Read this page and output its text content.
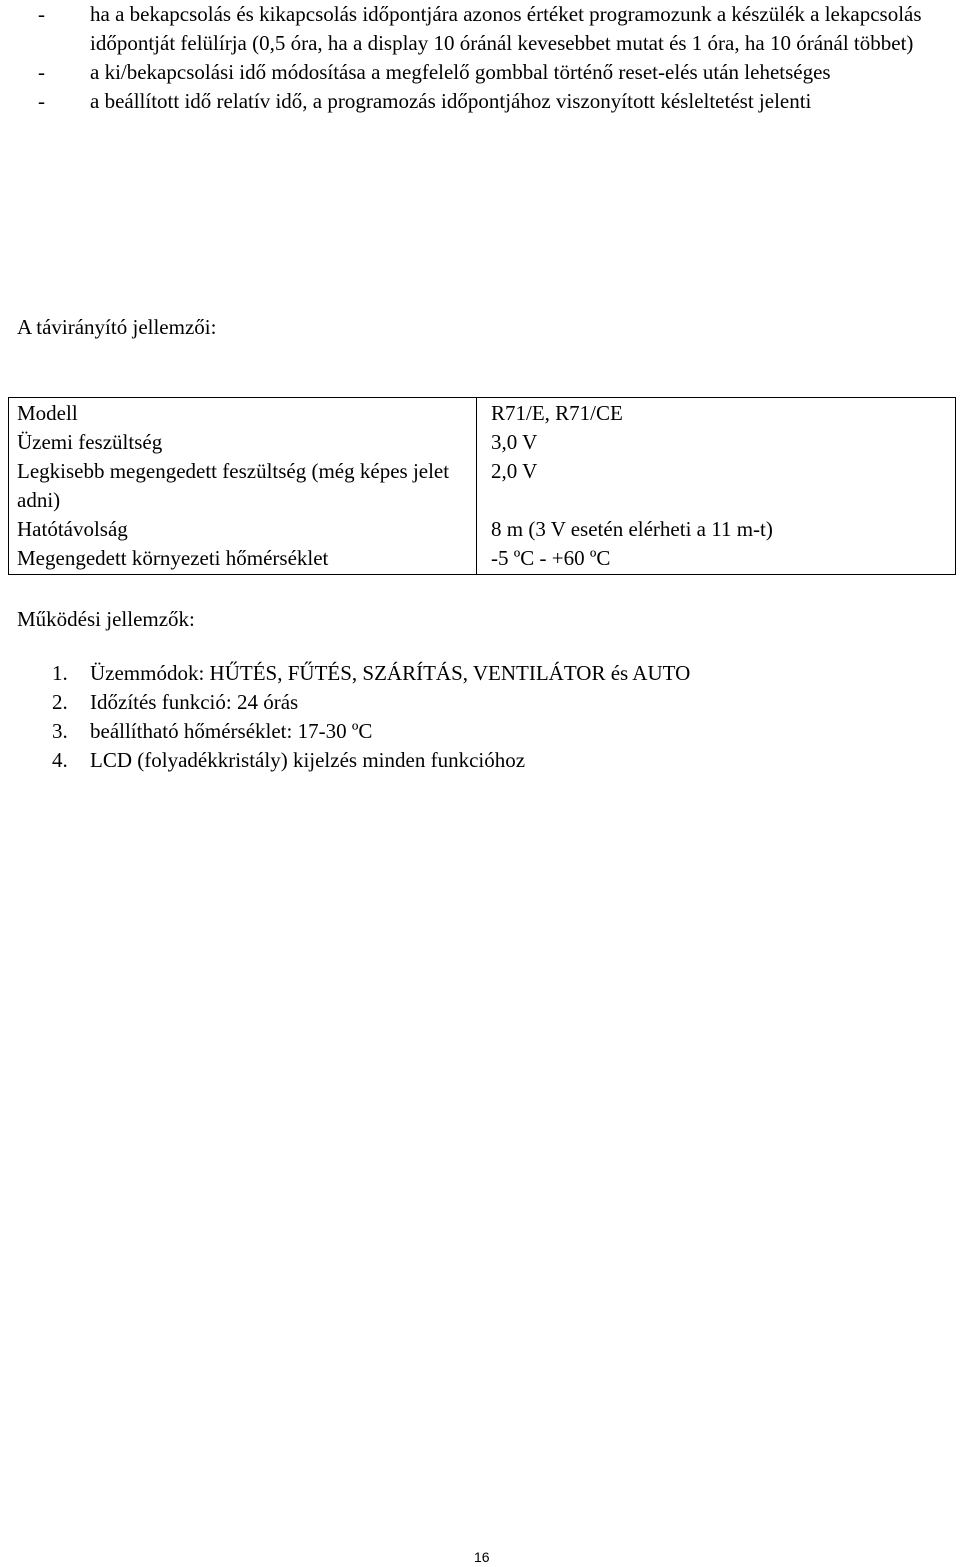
- ha a bekapcsolás és kikapcsolás időpontjára azonos értéket programozunk a készülék a lekapcsolás időpontját felülírja (0,5 óra, ha a display 10 óránál kevesebbet mutat és 1 óra, ha 10 óránál többet)
- a ki/bekapcsolási idő módosítása a megfelelő gombbal történő reset-elés után lehetséges
- a beállított idő relatív idő, a programozás időpontjához viszonyított késleltetést jelenti
A távirányító jellemzői:
Modell	R71/E, R71/CE
Üzemi feszültség	3,0 V
Legkisebb megengedett feszültség (még képes jelet adni)	2,0 V
Hatótávolság	8 m (3 V esetén elérheti a 11 m-t)
Megengedett környezeti hőmérséklet	-5 ºC - +60 ºC
Működési jellemzők:
1. Üzemmódok: HŰTÉS, FŰTÉS, SZÁRÍTÁS, VENTILÁTOR és AUTO
2. Időzítés funkció: 24 órás
3. beállítható hőmérséklet: 17-30 ºC
4. LCD (folyadékkristály) kijelzés minden funkcióhoz
16
